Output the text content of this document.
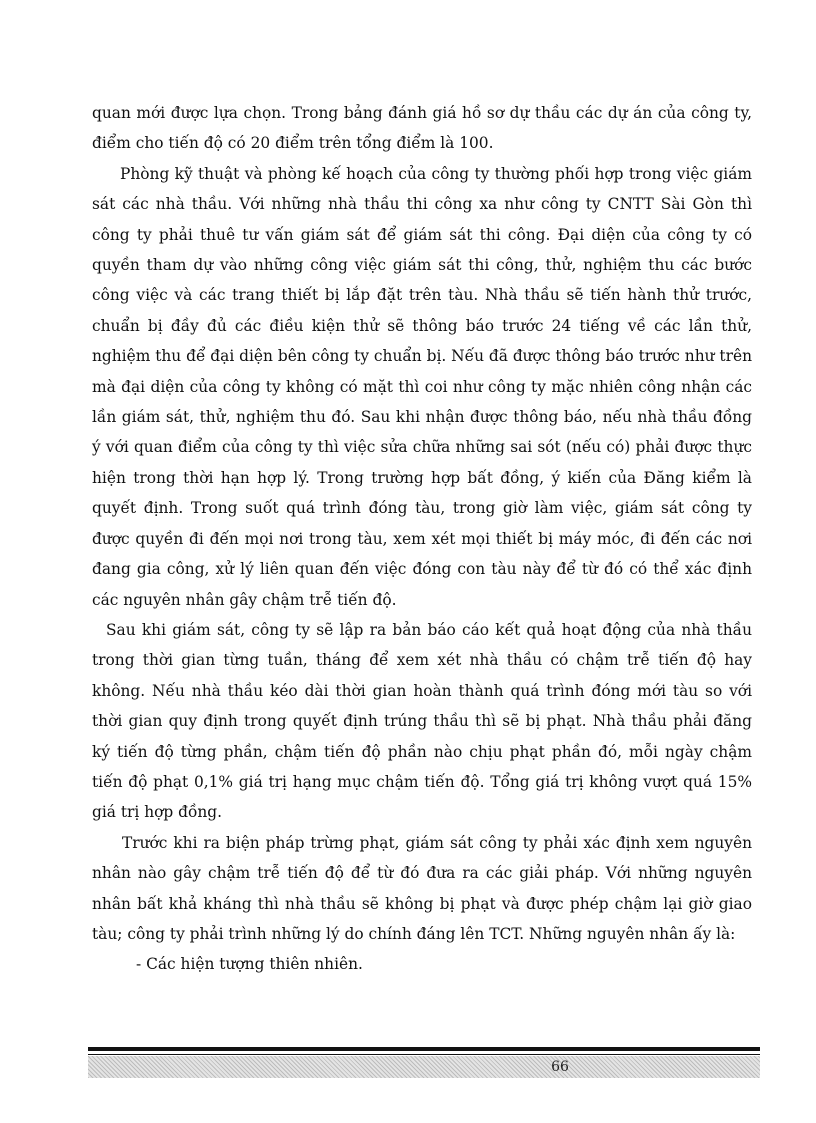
quan mới được lựa chọn. Trong bảng đánh giá hồ sơ dự thầu các dự án của công ty, điểm cho tiến độ có 20 điểm trên tổng điểm là 100.

Phòng kỹ thuật và phòng kế hoạch của công ty thường phối hợp trong việc giám sát các nhà thầu. Với những nhà thầu thi công xa như công ty CNTT Sài Gòn thì công ty phải thuê tư vấn giám sát để giám sát thi công. Đại diện của công ty có quyền tham dự vào những công việc giám sát thi công, thử, nghiệm thu các bước công việc và các trang thiết bị lắp đặt trên tàu. Nhà thầu sẽ tiến hành thử trước, chuẩn bị đầy đủ các điều kiện thử sẽ thông báo trước 24 tiếng về các lần thử, nghiệm thu để đại diện bên công ty chuẩn bị. Nếu đã được thông báo trước như trên mà đại diện của công ty không có mặt thì coi như công ty mặc nhiên công nhận các lần giám sát, thử, nghiệm thu đó. Sau khi nhận được thông báo, nếu nhà thầu đồng ý với quan điểm của công ty thì việc sửa chữa những sai sót (nếu có) phải được thực hiện trong thời hạn hợp lý. Trong trường hợp bất đồng, ý kiến của Đăng kiểm là quyết định. Trong suốt quá trình đóng tàu, trong giờ làm việc, giám sát công ty được quyền đi đến mọi nơi trong tàu, xem xét mọi thiết bị máy móc, đi đến các nơi đang gia công, xử lý liên quan đến việc đóng con tàu này để từ đó có thể xác định các nguyên nhân gây chậm trễ tiến độ.

Sau khi giám sát, công ty sẽ lập ra bản báo cáo kết quả hoạt động của nhà thầu trong thời gian từng tuần, tháng để xem xét nhà thầu có chậm trễ tiến độ hay không. Nếu nhà thầu kéo dài thời gian hoàn thành quá trình đóng mới tàu so với thời gian quy định trong quyết định trúng thầu thì sẽ bị phạt. Nhà thầu phải đăng ký tiến độ từng phần, chậm tiến độ phần nào chịu phạt phần đó, mỗi ngày chậm tiến độ phạt 0,1% giá trị hạng mục chậm tiến độ. Tổng giá trị không vượt quá 15% giá trị hợp đồng.

Trước khi ra biện pháp trừng phạt, giám sát công ty phải xác định xem nguyên nhân nào gây chậm trễ tiến độ để từ đó đưa ra các giải pháp. Với những nguyên nhân bất khả kháng thì nhà thầu sẽ không bị phạt và được phép chậm lại giờ giao tàu; công ty phải trình những lý do chính đáng lên TCT. Những nguyên nhân ấy là:

- Các hiện tượng thiên nhiên.

66
